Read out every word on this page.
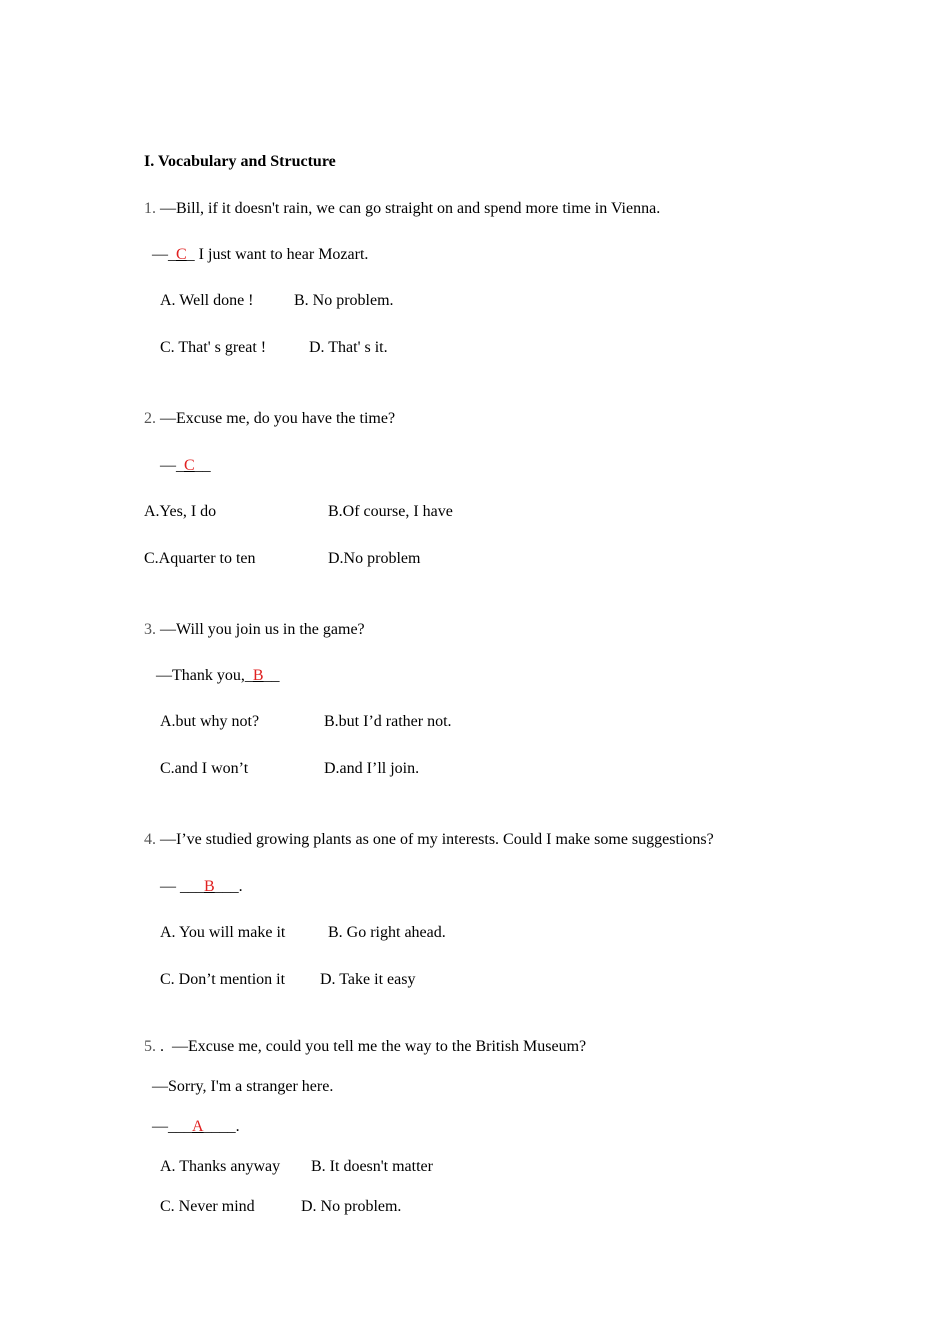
I. Vocabulary and Structure
1. —Bill, if it doesn't rain, we can go straight on and spend more time in Vienna.
—_C_ I just want to hear Mozart.
A. Well done !	B. No problem.
C. That' s great !	D. That' s it.
2. —Excuse me, do you have the time?
—_C__
A.Yes, I do	B.Of course, I have
C.Aquarter to ten	D.No problem
3. —Will you join us in the game?
—Thank you,_B__
A.but why not?	B.but I’d rather not.
C.and I won’t	D.and I’ll join.
4. —I’ve studied growing plants as one of my interests. Could I make some suggestions?
— ___B___.
A. You will make it	B. Go right ahead.
C. Don’t mention it D. Take it easy
5. .  —Excuse me, could you tell me the way to the British Museum?
—Sorry, I'm a stranger here.
—___A____.
A. Thanks anyway B. It doesn't matter
C. Never mind	D. No problem.
